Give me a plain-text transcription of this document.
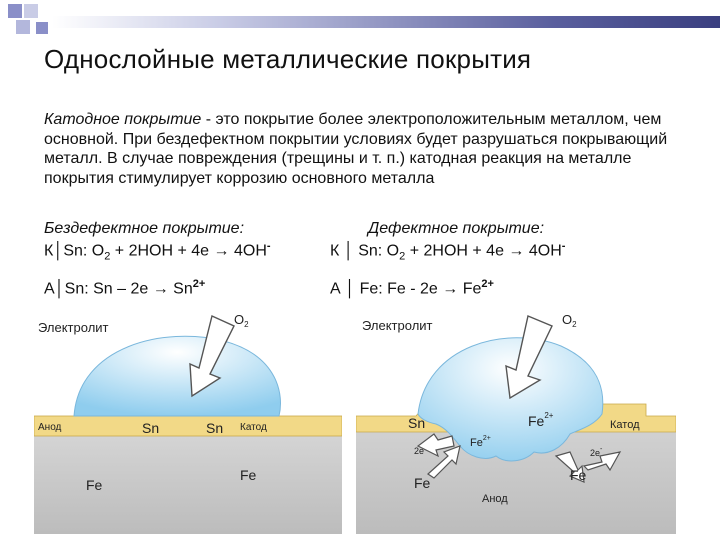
Однослойные металлические покрытия
Катодное покрытие - это покрытие более электроположительным металлом, чем основной. При бездефектном покрытии условиях будет разрушаться покрывающий металл. В случае повреждения (трещины и т. п.) катодная реакция на металле покрытия стимулирует коррозию основного металла
Бездефектное покрытие:	Дефектное покрытие:
К│Sn: $O_2 + 2HOH + 4e \to 4OH^-$	К │ Sn: $O_2 + 2HOH + 4e \to 4OH^-$
А│Sn: $Sn - 2e \to Sn^{2+}$	А │ Fe: $Fe - 2e \to Fe^{2+}$
Электролит
$O_2$
Анод	Sn	Sn Катод
Fe
Fe
Электролит	$O_2$
Sn	$Fe^{2+}$
Катод
$Fe^{2+}$
2e	2e-
Fe	Fe
Анод
